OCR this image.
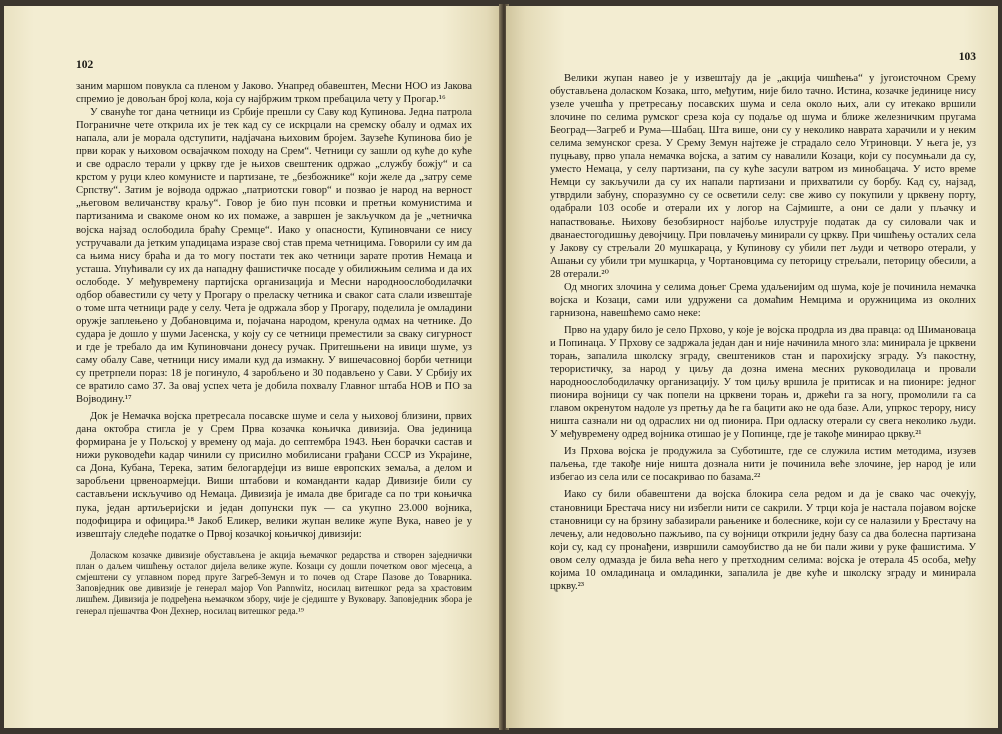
102

заним маршом повукла са пленом у Јаково. Унапред обавештен, Месни НОО из Јакова спремио је довољан број кола, која су најбржим трком пребацила чету у Прогар.¹⁶

У свануће тог дана четници из Србије прешли су Саву код Купинова. Једна патрола Пограничне чете открила их је тек кад су се искрцали на сремску обалу и одмах их напала, али је морала одступити, надјачана њиховим бројем. Заузеће Купинова био је први корак у њиховом освајачком походу на Срем“. Четници су зашли од куће до куће и све одрасло терали у цркву где је њихов свештеник одржао „службу божју“ и са крстом у руци клео комунисте и партизане, те „безбожнике“ који желе да „затру семе Српству“. Затим је војвода одржао „патриотски говор“ и позвао је народ на верност „његовом величанству краљу“. Говор је био пун псовки и претњи комунистима и партизанима и свакоме оном ко их помаже, а завршен је закључком да је „четничка војска најзад ослободила браћу Сремце“. Иако у опасности, Купиновчани се нису устручавали да јетким упадицама изразе свој став према четницима. Говорили су им да са њима нису браћа и да то могу постати тек ако четници зарате против Немаца и усташа. Упућивали су их да нападну фашистичке посаде у обилижњим селима и да их ослободе. У међувремену партијска организација и Месни народноослободилачки одбор обавестили су чету у Прогару о преласку четника и сваког сата слали извештаје о томе шта четници раде у селу. Чета је одржала збор у Прогару, поделила је омладини оружје заплењено у Добановцима и, појачана народом, кренула одмах на четнике. До судара је дошло у шуми Јасенска, у коју су се четници преместили за сваку сигурност и где је требало да им Купиновчани донесу ручак. Притешњени на ивици шуме, уз саму обалу Саве, четници нису имали куд да измакну. У вишечасовној борби четници су претрпели пораз: 18 је погинуло, 4 заробљено и 30 подављено у Сави. У Србију их се вратило само 37. За овај успех чета је добила похвалу Главног штаба НОВ и ПО за Војводину.¹⁷

Док је Немачка војска претресала посавске шуме и села у њиховој близини, првих дана октобра стигла је у Срем Прва козачка коњичка дивизија. Ова јединица формирана је у Пољској у времену од маја. до септембра 1943. Њен борачки састав и нижи руководећи кадар чинили су присилно мобилисани грађани СССР из Украјине, са Дона, Кубана, Терека, затим белогардејци из више европских земаља, а делом и заробљени црвеноармејци. Виши штабови и команданти кадар Дивизије били су састављени искључиво од Немаца. Дивизија је имала две бригаде са по три коњичка пука, један артиљеријски и један допунски пук — са укупно 23.000 војника, подофицира и официра.¹⁸ Јакоб Еликер, велики жупан велике жупе Вука, навео је у извештају следеће податке о Првој козачкој коњичкој дивизији:

Доласком козачке дивизије обустављена је акција њемачког редарства и створен заједнички план о даљем чишћењу осталог дијела велике жупе. Козаци су дошли почетком овог мјесеца, а смјештени су углавном поред пруге Загреб-Земун и то почев од Старе Пазове до Товарника. Заповједник ове дивизије је генерал мајор Von Pannwitz, носилац витешког реда за храстовим лишћем. Дивизија је подређена њемачком збору, чије је сједиште у Вуковару. Заповједник збора је генерал пјешачтва Фон Дехнер, носилац витешког реда.¹⁹
103

Велики жупан навео је у извештају да је „акција чишћења“ у југоисточном Срему обустављена доласком Козака, што, међутим, није било тачно. Истина, козачке јединице нису узеле учешћа у претресању посавских шума и села около њих, али су итекако вршили злочине по селима румског среза која су подаље од шума и ближе железничким пругама Београд—Загреб и Рума—Шабац. Шта више, они су у неколико наврата харачили и у неким селима земунског среза. У Срему Земун најтеже је страдало село Угриновци. У њега је, уз пуцњаву, прво упала немачка војска, а затим су навалили Козаци, који су посумњали да су, уместо Немаца, у селу партизани, па су куће засули ватром из минобацача. У исто време Немци су закључили да су их напали партизани и прихватили су борбу. Кад су, најзад, утврдили забуну, споразумно су се осветили селу: све живо су покупили у црквену порту, одабрали 103 особе и отерали их у логор на Сајмиште, а они се дали у пљачку и напаствовање. Њихову безобзирност најбоље илуструје податак да су силовали чак и дванаестогодишњу девојчицу. При повлачењу минирали су цркву. При чишћењу осталих села у Јакову су стрељали 20 мушкараца, у Купинову су убили пет људи и четворо отерали, у Ашањи су убили три мушкарца, у Чортановцима су петорицу стрељали, петорицу обесили, а 28 отерали.²⁰

Од многих злочина у селима доњег Срема удаљенијим од шума, које је починила немачка војска и Козаци, сами или удружени са домаћим Немцима и оружницима из околних гарнизона, навешћемо само неке:

Прво на удару било је село Прхово, у које је војска продрла из два правца: од Шимановаца и Попинаца. У Прхову се задржала један дан и ниje начинила много зла: минирала је црквени торањ, запалила школску зграду, свештеников стан и парохијску зграду. Уз пакостну, терористичку, за народ у циљу да дозна имена месних руководилаца и провали народноослободилачку организацију. У том циљу вршила је притисак и на пионире: једног пионира војници су чак попели на црквени торањ и, држећи га за ногу, промолили га са главом окренутом надоле уз претњу да ће га бацити ако не ода базе. Али, упркос терору, нису ништа сазнали ни од одраслих ни од пионира. При одласку отерали су свега неколико људи. У међувремену одред војника отишао је у Попинце, где је такође минирао цркву.²¹

Из Прхова војска је продужила за Суботиште, где се служила истим методима, изузев паљења, где такође није ништа дознала нити је починила веће злочине, јер народ је или избегао из села или се посакривао по базама.²²

Иако су били обавештени да војска блокира села редом и да је свако час очекују, становници Брестача нису ни избегли нити се сакрили. У трци која је настала појавом војске становници су на брзину забазирали рањенике и болеснике, који су се налазили у Брестачу на лечењу, али недовољно пажљиво, па су војници открили једну базу са два болесна партизана који су, кад су пронађени, извршили самоубиство да не би пали живи у руке фашистима. У овом селу одмазда је била већа него у претходним селима: војска је отерала 45 особа, међу којима 10 омладинаца и омладинки, запалила је две куће и школску зграду и минирала цркву.²³
